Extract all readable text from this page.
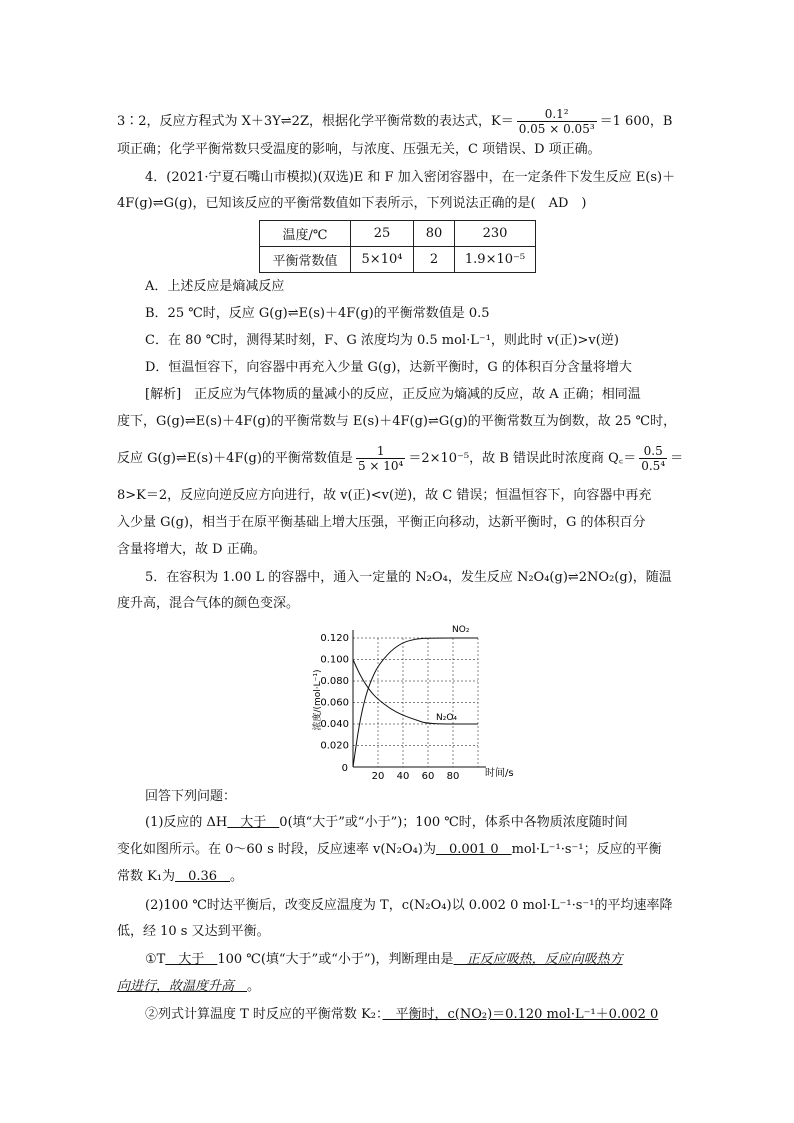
3∶2，反应方程式为 X＋3Y⇌2Z，根据化学平衡常数的表达式，$K= \frac{\text{0.1²}}{\text{0.05 × 0.05³}} =1$ 600，B
项正确；化学平衡常数只受温度的影响，与浓度、压强无关，C 项错误、D 项正确。
4．(2021·宁夏石嘴山市模拟)(双选)E 和 F 加入密闭容器中，在一定条件下发生反应 E(s)＋
4F(g)⇌G(g)，已知该反应的平衡常数值如下表所示，下列说法正确的是(　AD　)
温度/℃	25	80	230
平衡常数值	5×10⁴	2	1.9×10⁻⁵
A．上述反应是熵减反应
B．25 ℃时，反应 G(g)⇌E(s)＋4F(g)的平衡常数值是 0.5
C．在 80 ℃时，测得某时刻，F、G 浓度均为 0.5 mol·L⁻¹，则此时 v(正)>v(逆)
D．恒温恒容下，向容器中再充入少量 G(g)，达新平衡时，G 的体积百分含量将增大
[解析]　正反应为气体物质的量减小的反应，正反应为熵减的反应，故 A 正确；相同温
度下，G(g)⇌E(s)＋4F(g)的平衡常数与 E(s)＋4F(g)⇌G(g)的平衡常数互为倒数，故 25 ℃时，
反应 G(g)⇌E(s)＋4F(g)的平衡常数值是 $\frac{1}{\text{5 × 10⁴}} =2\times 10^{-5}$，故 B 错误此时浓度商 Q꜀＝ $\frac{0.5}{\text{0.5⁴}}$ ＝
8>K＝2，反应向逆反应方向进行，故 v(正)<v(逆)，故 C 错误；恒温恒容下，向容器中再充
入少量 G(g)，相当于在原平衡基础上增大压强，平衡正向移动，达新平衡时，G 的体积百分
含量将增大，故 D 正确。
5．在容积为 1.00 L 的容器中，通入一定量的 N₂O₄，发生反应 N₂O₄(g)⇌2NO₂(g)，随温
度升高，混合气体的颜色变深。
20 40 60 80
0.020
0.040
0.060
0.080
0.100
0.120
浓度/(mol·L⁻¹)
时间/s
0
NO₂
N₂O₄
回答下列问题：
(1)反应的 ΔH　大于　0(填“大于”或“小于”)；100 ℃时，体系中各物质浓度随时间
变化如图所示。在 0～60 s 时段，反应速率 v(N₂O₄)为　0.001 0　mol·L⁻¹·s⁻¹；反应的平衡
常数 K₁为　0.36　。
(2)100 ℃时达平衡后，改变反应温度为 T，c(N₂O₄)以 0.002 0 mol·L⁻¹·s⁻¹的平均速率降
低，经 10 s 又达到平衡。
①T　大于　100 ℃(填“大于”或“小于”)，判断理由是　正反应吸热，反应向吸热方
向进行，故温度升高　。
②列式计算温度 T 时反应的平衡常数 K₂：　平衡时，c(NO₂)＝0.120 mol·L⁻¹＋0.002 0
